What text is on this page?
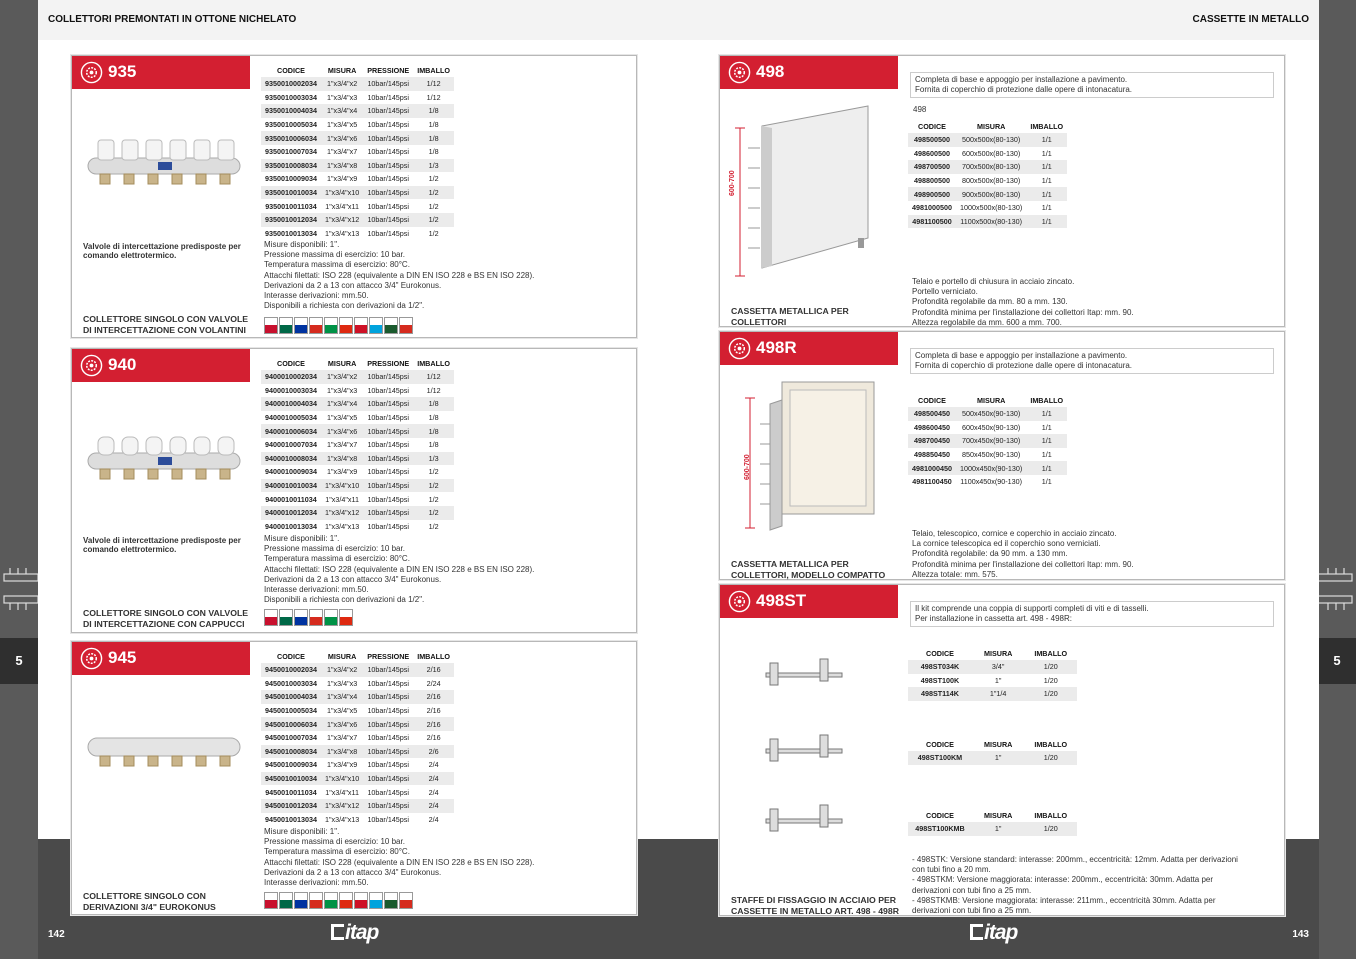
5	5
COLLETTORI PREMONTATI IN OTTONE NICHELATO
142	itap
935	CODICE	MISURA	PRESSIONE	IMBALLO
9350010002034	1"x3/4"x2	10bar/145psi	1/12
9350010003034	1"x3/4"x3	10bar/145psi	1/12
9350010004034	1"x3/4"x4	10bar/145psi	1/8
9350010005034	1"x3/4"x5	10bar/145psi	1/8
9350010006034	1"x3/4"x6	10bar/145psi	1/8
9350010007034	1"x3/4"x7	10bar/145psi	1/8
9350010008034	1"x3/4"x8	10bar/145psi	1/3
9350010009034	1"x3/4"x9	10bar/145psi	1/2
9350010010034	1"x3/4"x10	10bar/145psi	1/2
9350010011034	1"x3/4"x11	10bar/145psi	1/2
9350010012034	1"x3/4"x12	10bar/145psi	1/2
9350010013034	1"x3/4"x13	10bar/145psi	1/2
Valvole di intercettazione predisposte per comando elettrotermico.
Misure disponibili: 1".
Pressione massima di esercizio: 10 bar.
Temperatura massima di esercizio: 80°C.
Attacchi filettati: ISO 228 (equivalente a DIN EN ISO 228 e BS EN ISO 228).
Derivazioni da 2 a 13 con attacco 3/4" Eurokonus.
Interasse derivazioni: mm.50.
Disponibili a richiesta con derivazioni da 1/2".
COLLETTORE SINGOLO CON VALVOLE
DI INTERCETTAZIONE CON VOLANTINI
940	CODICE	MISURA	PRESSIONE	IMBALLO
9400010002034	1"x3/4"x2	10bar/145psi	1/12
9400010003034	1"x3/4"x3	10bar/145psi	1/12
9400010004034	1"x3/4"x4	10bar/145psi	1/8
9400010005034	1"x3/4"x5	10bar/145psi	1/8
9400010006034	1"x3/4"x6	10bar/145psi	1/8
9400010007034	1"x3/4"x7	10bar/145psi	1/8
9400010008034	1"x3/4"x8	10bar/145psi	1/3
9400010009034	1"x3/4"x9	10bar/145psi	1/2
9400010010034	1"x3/4"x10	10bar/145psi	1/2
9400010011034	1"x3/4"x11	10bar/145psi	1/2
9400010012034	1"x3/4"x12	10bar/145psi	1/2
9400010013034	1"x3/4"x13	10bar/145psi	1/2
Valvole di intercettazione predisposte per comando elettrotermico.
Misure disponibili: 1".
Pressione massima di esercizio: 10 bar.
Temperatura massima di esercizio: 80°C.
Attacchi filettati: ISO 228 (equivalente a DIN EN ISO 228 e BS EN ISO 228).
Derivazioni da 2 a 13 con attacco 3/4" Eurokonus.
Interasse derivazioni: mm.50.
Disponibili a richiesta con derivazioni da 1/2".
COLLETTORE SINGOLO CON VALVOLE
DI INTERCETTAZIONE CON CAPPUCCI
945	CODICE	MISURA	PRESSIONE	IMBALLO
9450010002034	1"x3/4"x2	10bar/145psi	2/16
9450010003034	1"x3/4"x3	10bar/145psi	2/24
9450010004034	1"x3/4"x4	10bar/145psi	2/16
9450010005034	1"x3/4"x5	10bar/145psi	2/16
9450010006034	1"x3/4"x6	10bar/145psi	2/16
9450010007034	1"x3/4"x7	10bar/145psi	2/16
9450010008034	1"x3/4"x8	10bar/145psi	2/6
9450010009034	1"x3/4"x9	10bar/145psi	2/4
9450010010034	1"x3/4"x10	10bar/145psi	2/4
9450010011034	1"x3/4"x11	10bar/145psi	2/4
9450010012034	1"x3/4"x12	10bar/145psi	2/4
9450010013034	1"x3/4"x13	10bar/145psi	2/4
Misure disponibili: 1".
Pressione massima di esercizio: 10 bar.
Temperatura massima di esercizio: 80°C.
Attacchi filettati: ISO 228 (equivalente a DIN EN ISO 228 e BS EN ISO 228).
Derivazioni da 2 a 13 con attacco 3/4" Eurokonus.
Interasse derivazioni: mm.50.
COLLETTORE SINGOLO CON
DERIVAZIONI 3/4" EUROKONUS
CASSETTE IN METALLO
143
itap
498
600-700
Completa di base e appoggio per installazione a pavimento.
Fornita di coperchio di protezione dalle opere di intonacatura.
498
CODICE	MISURA	IMBALLO
498500500	500x500x(80-130)	1/1
498600500	600x500x(80-130)	1/1
498700500	700x500x(80-130)	1/1
498800500	800x500x(80-130)	1/1
498900500	900x500x(80-130)	1/1
4981000500	1000x500x(80-130)	1/1
4981100500	1100x500x(80-130)	1/1
Telaio e portello di chiusura in acciaio zincato.
Portello verniciato.
Profondità regolabile da mm. 80 a mm. 130.
Profondità minima per l'installazione dei collettori Itap: mm. 90.
Altezza regolabile da mm. 600 a mm. 700.
CASSETTA METALLICA PER
COLLETTORI
498R
600-700
Completa di base e appoggio per installazione a pavimento.
Fornita di coperchio di protezione dalle opere di intonacatura.
CODICE	MISURA	IMBALLO
498500450	500x450x(90-130)	1/1
498600450	600x450x(90-130)	1/1
498700450	700x450x(90-130)	1/1
498850450	850x450x(90-130)	1/1
4981000450	1000x450x(90-130)	1/1
4981100450	1100x450x(90-130)	1/1
Telaio, telescopico, cornice e coperchio in acciaio zincato.
La cornice telescopica ed il coperchio sono verniciati.
Profondità regolabile: da 90 mm. a 130 mm.
Profondità minima per l'installazione dei collettori Itap: mm. 90.
Altezza totale: mm. 575.
CASSETTA METALLICA PER
COLLETTORI, MODELLO COMPATTO
498ST	Il kit comprende una coppia di supporti completi di viti e di tasselli.
Per installazione in cassetta art. 498 - 498R:
CODICE	MISURA	IMBALLO
498ST034K	3/4"	1/20
498ST100K	1"	1/20
498ST114K	1"1/4	1/20
CODICE	MISURA	IMBALLO
498ST100KM	1"	1/20
CODICE	MISURA	IMBALLO
498ST100KMB	1"	1/20
- 498STK: Versione standard: interasse: 200mm., eccentricità: 12mm. Adatta per derivazioni
con tubi fino a 20 mm.
- 498STKM: Versione maggiorata: interasse: 200mm., eccentricità: 30mm. Adatta per
derivazioni con tubi fino a 25 mm.
- 498STKMB: Versione maggiorata: interasse: 211mm., eccentricità 30mm. Adatta per
derivazioni con tubi fino a 25 mm.
STAFFE DI FISSAGGIO IN ACCIAIO PER
CASSETTE IN METALLO ART. 498 - 498R
